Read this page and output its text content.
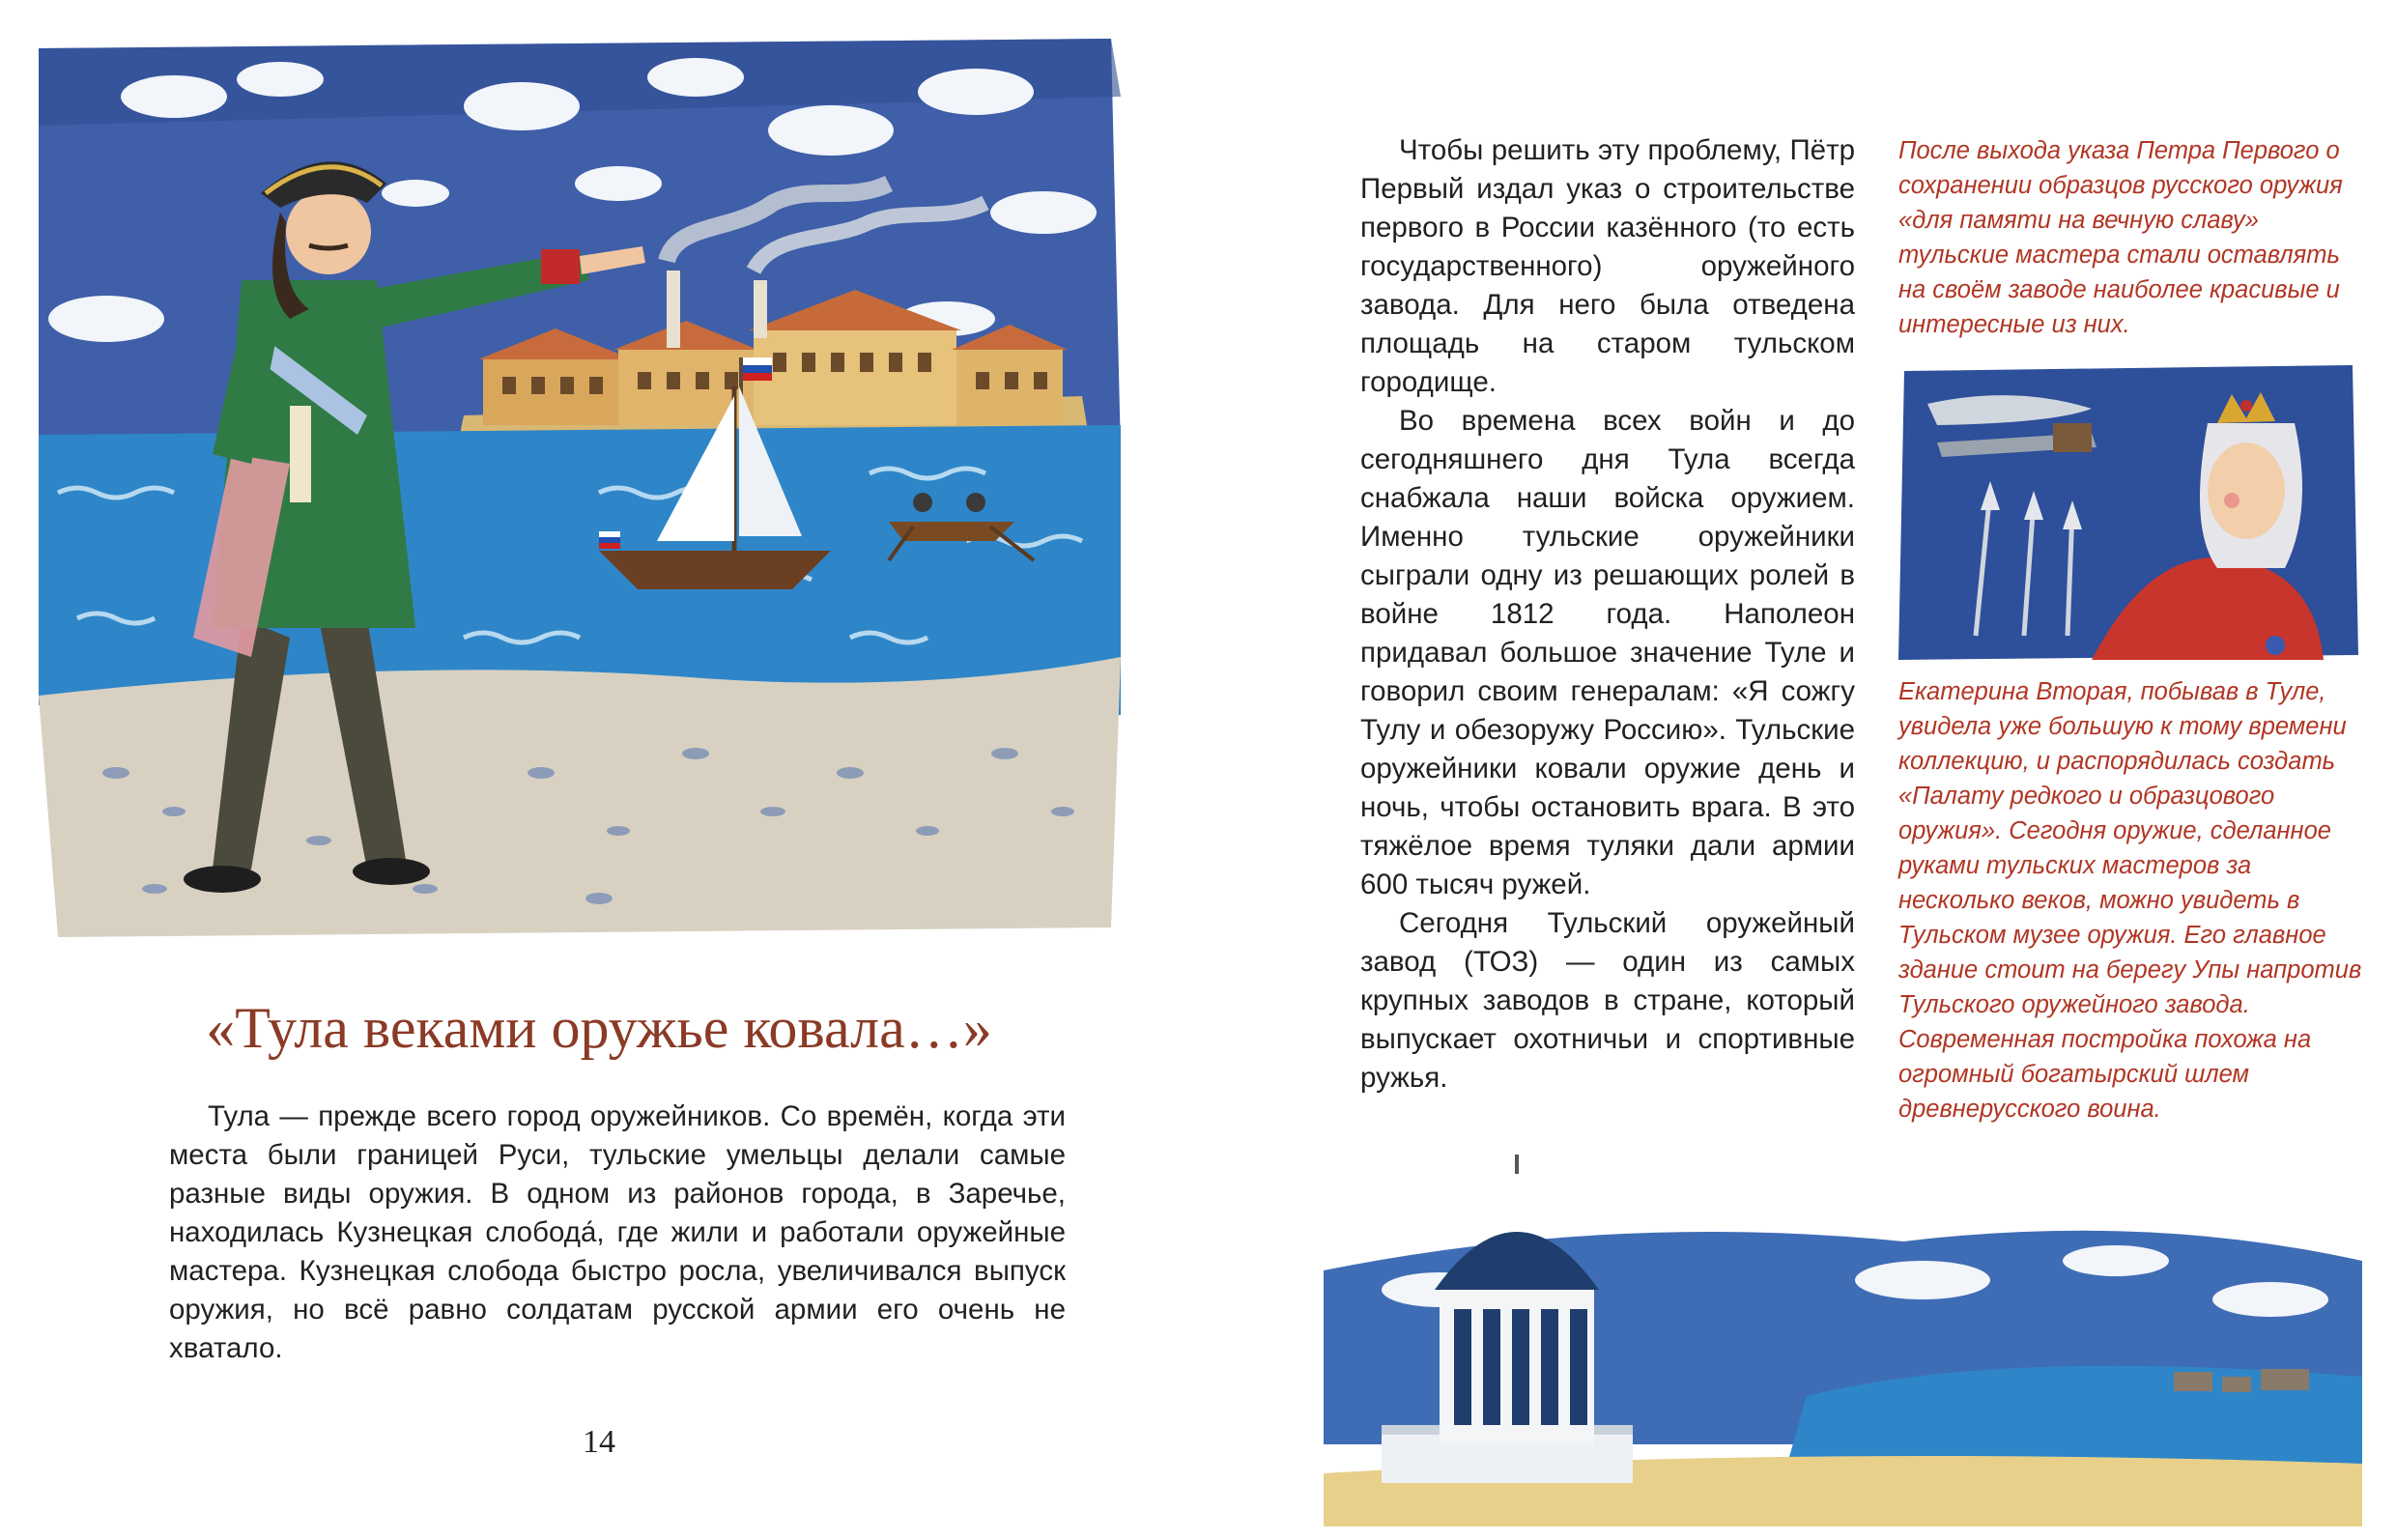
«Тула веками оружье ковала…»

Тула — прежде всего город оружейников. Со времён, когда эти места были границей Руси, тульские умельцы делали самые разные виды оружия. В одном из районов города, в Заречье, находилась Кузнецкая слобода́, где жили и работали оружейные мастера. Кузнецкая слобода быстро росла, увеличивался выпуск оружия, но всё равно солдатам русской армии его очень не хватало.

14

Чтобы решить эту проблему, Пётр Первый издал указ о строительстве первого в России казённого (то есть государственного) оружейного завода. Для него была отведена площадь на старом тульском городище.

Во времена всех войн и до сегодняшнего дня Тула всегда снабжала наши войска оружием. Именно тульские оружейники сыграли одну из решающих ролей в войне 1812 года. Наполеон придавал большое значение Туле и говорил своим генералам: «Я сожгу Тулу и обезоружу Россию». Тульские оружейники ковали оружие день и ночь, чтобы остановить врага. В это тяжёлое время туляки дали армии 600 тысяч ружей.

Сегодня Тульский оружейный завод (ТОЗ) — один из самых крупных заводов в стране, который выпускает охотничьи и спортивные ружья.

После выхода указа Петра Первого о сохранении образцов русского оружия «для памяти на вечную славу» тульские мастера стали оставлять на своём заводе наиболее красивые и интересные из них.

Екатерина Вторая, побывав в Туле, увидела уже большую к тому времени коллекцию, и распорядилась создать «Палату редкого и образцового оружия». Сегодня оружие, сделанное руками тульских мастеров за несколько веков, можно увидеть в Тульском музее оружия. Его главное здание стоит на берегу Упы напротив Тульского оружейного завода. Современная постройка похожа на огромный богатырский шлем древнерусского воина.
